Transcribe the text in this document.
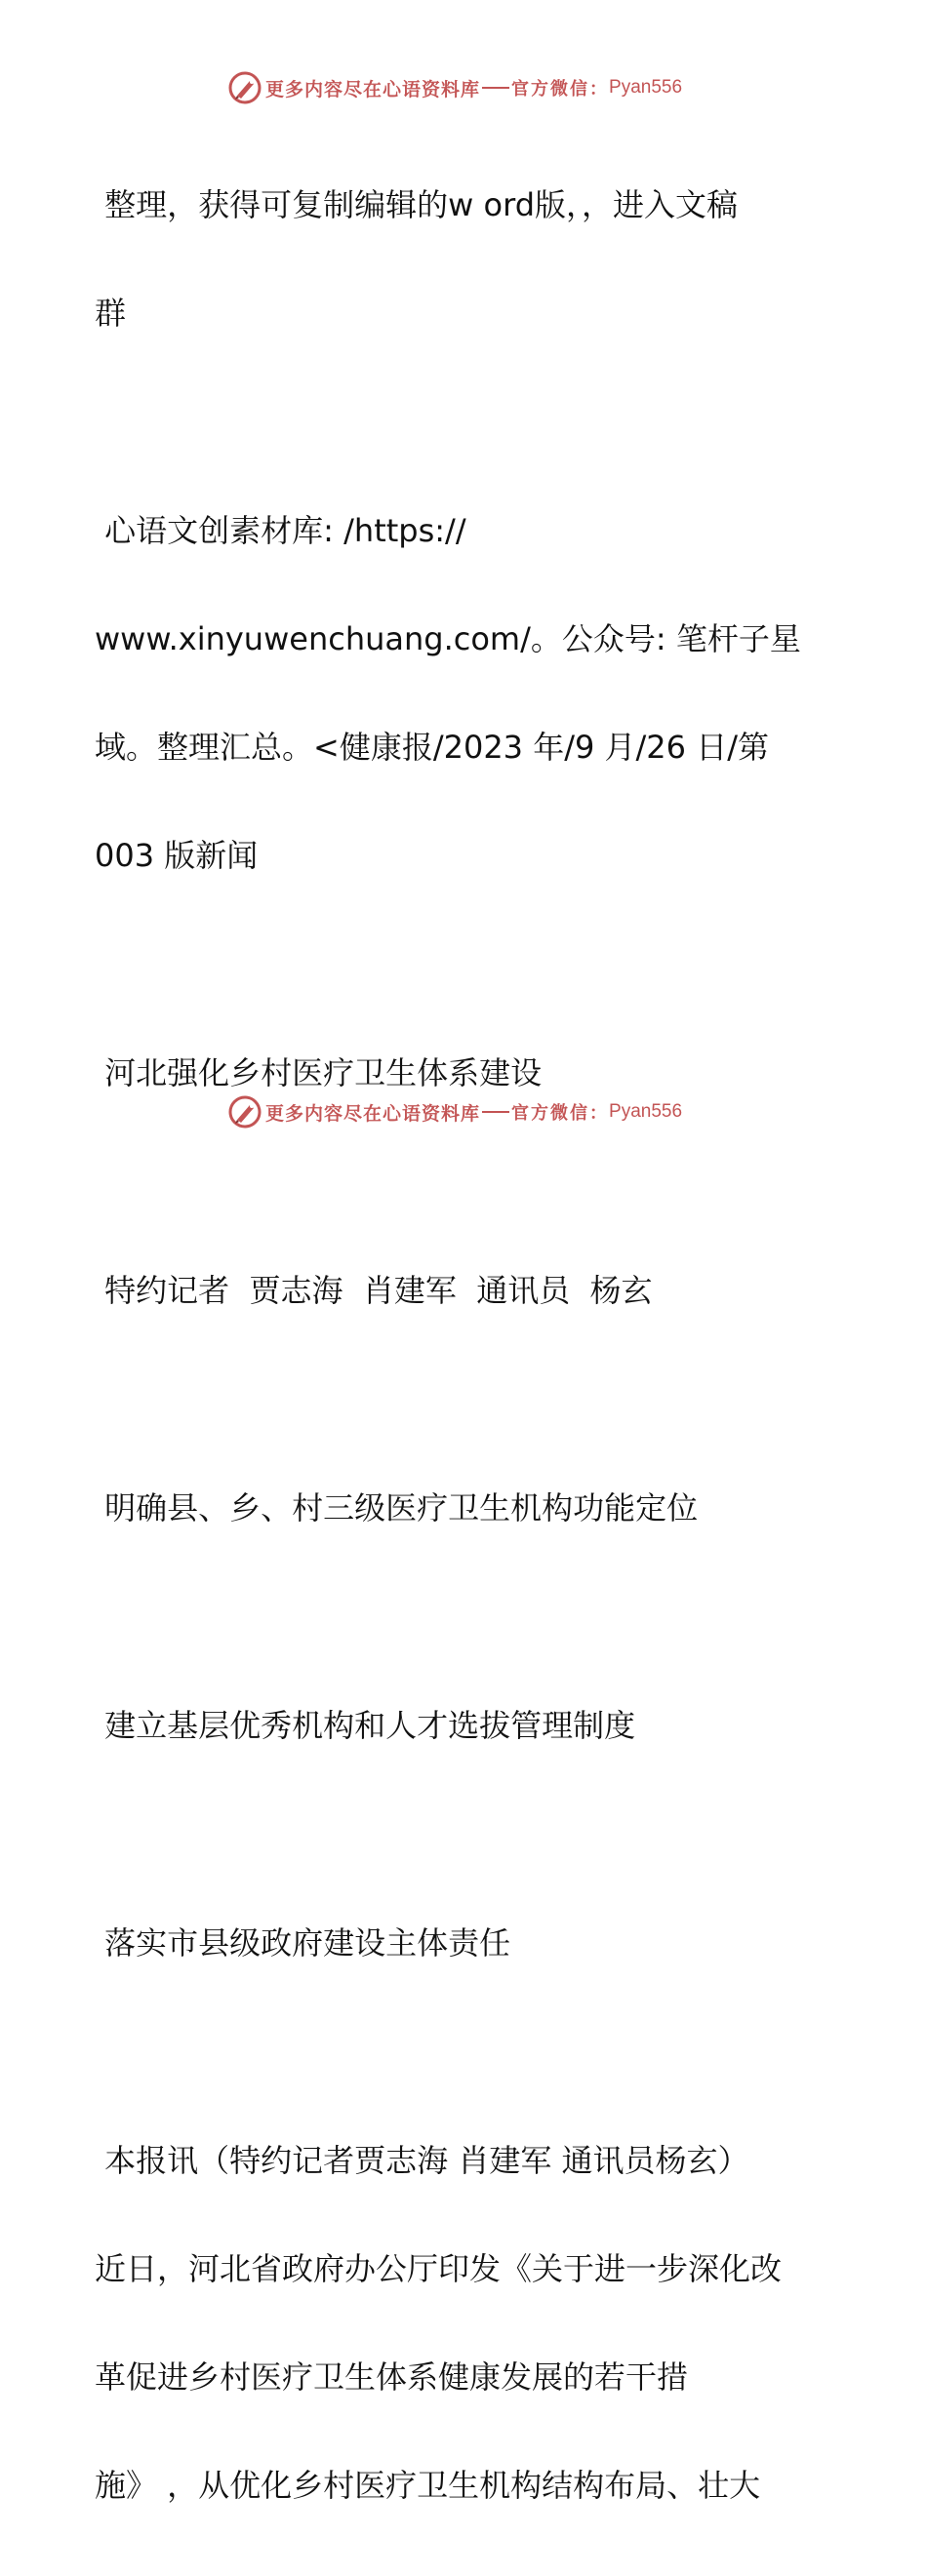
更多内容尽在心语资料库 官方微信： Pyan556

整理，获得可复制编辑的w ord版，，进入文稿

群

心语文创素材库: /https://

www.xinyuwenchuang.com/。公众号: 笔杆子星

域。整理汇总。<健康报/2023 年/9 月/26 日/第

003 版新闻

河北强化乡村医疗卫生体系建设

特约记者  贾志海  肖建军  通讯员  杨玄

明确县、乡、村三级医疗卫生机构功能定位

建立基层优秀机构和人才选拔管理制度

落实市县级政府建设主体责任

本报讯（特约记者贾志海 肖建军 通讯员杨玄）

近日，河北省政府办公厅印发《关于进一步深化改

革促进乡村医疗卫生体系健康发展的若干措

施》 ，从优化乡村医疗卫生机构结构布局、壮大

更多内容尽在心语资料库 官方微信： Pyan556
